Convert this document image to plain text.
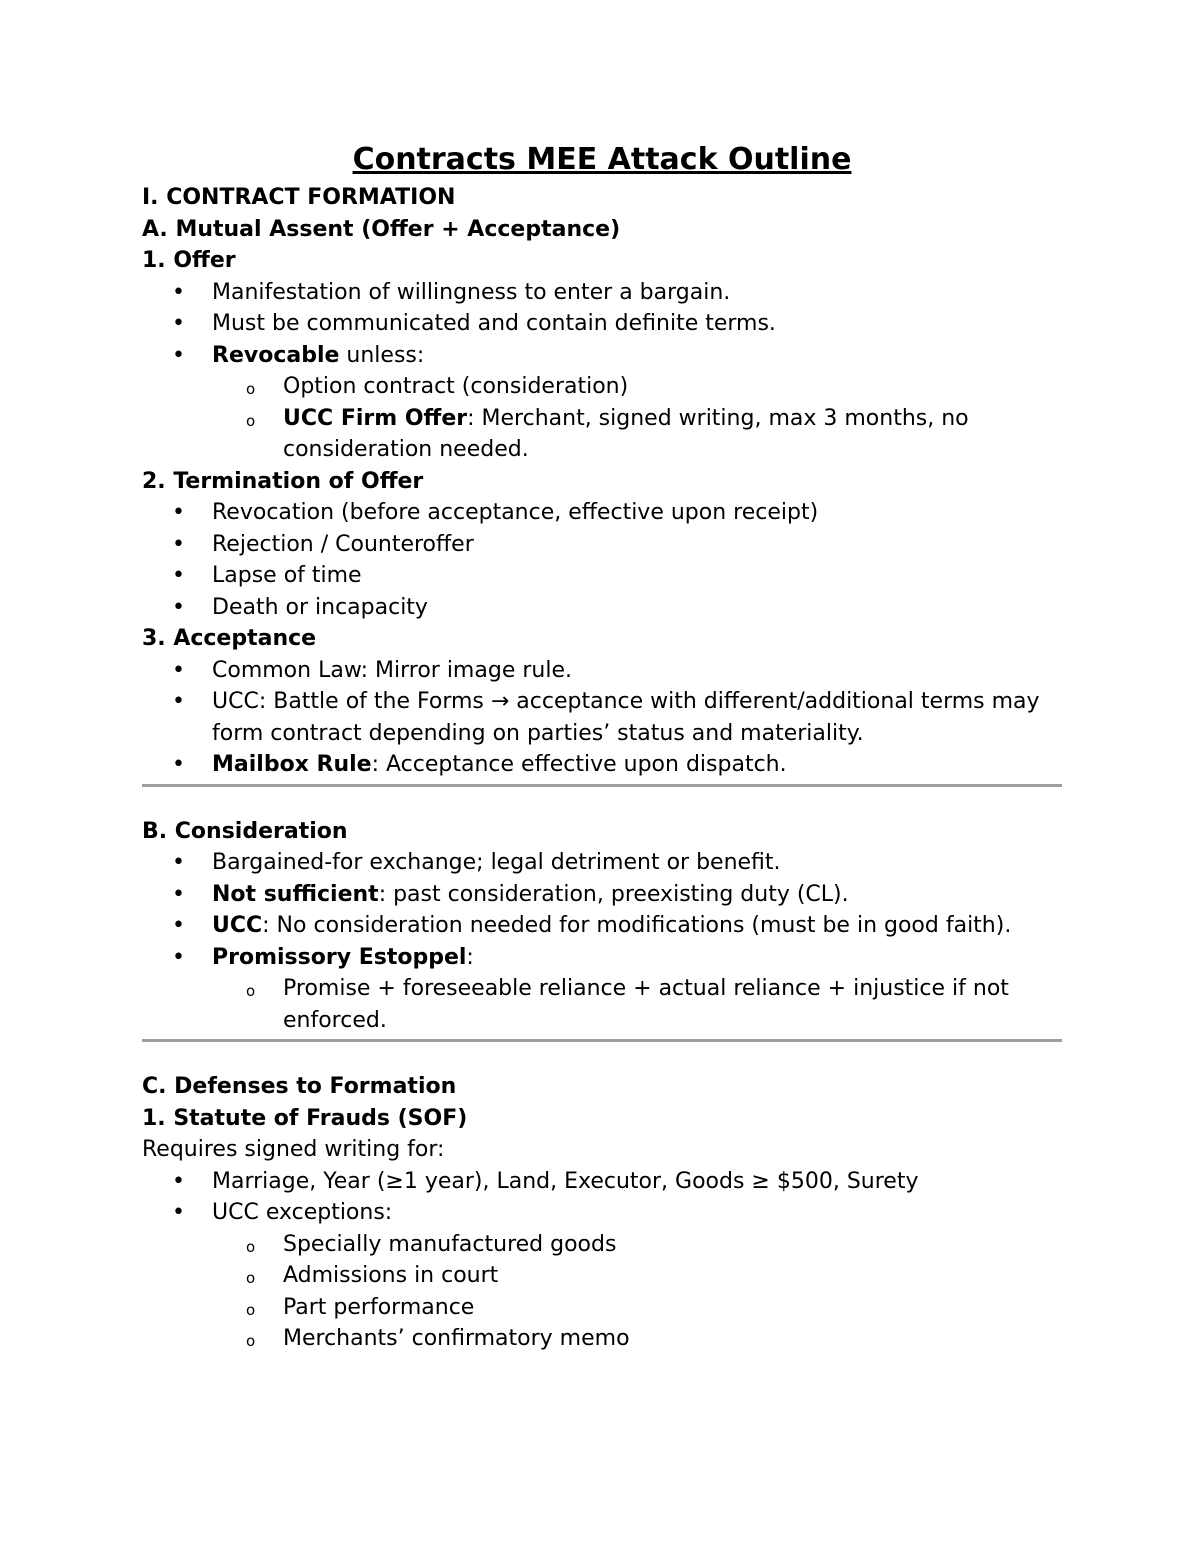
Contracts MEE Attack Outline
I. CONTRACT FORMATION
A. Mutual Assent (Offer + Acceptance)
1. Offer
• Manifestation of willingness to enter a bargain.
• Must be communicated and contain definite terms.
• Revocable unless:
o Option contract (consideration)
o UCC Firm Offer: Merchant, signed writing, max 3 months, no consideration needed.
2. Termination of Offer
• Revocation (before acceptance, effective upon receipt)
• Rejection / Counteroffer
• Lapse of time
• Death or incapacity
3. Acceptance
• Common Law: Mirror image rule.
• UCC: Battle of the Forms → acceptance with different/additional terms may form contract depending on parties’ status and materiality.
• Mailbox Rule: Acceptance effective upon dispatch.
B. Consideration
• Bargained-for exchange; legal detriment or benefit.
• Not sufficient: past consideration, preexisting duty (CL).
• UCC: No consideration needed for modifications (must be in good faith).
• Promissory Estoppel:
o Promise + foreseeable reliance + actual reliance + injustice if not enforced.
C. Defenses to Formation
1. Statute of Frauds (SOF)
Requires signed writing for:
• Marriage, Year (≥1 year), Land, Executor, Goods ≥ $500, Surety
• UCC exceptions:
o Specially manufactured goods
o Admissions in court
o Part performance
o Merchants’ confirmatory memo
